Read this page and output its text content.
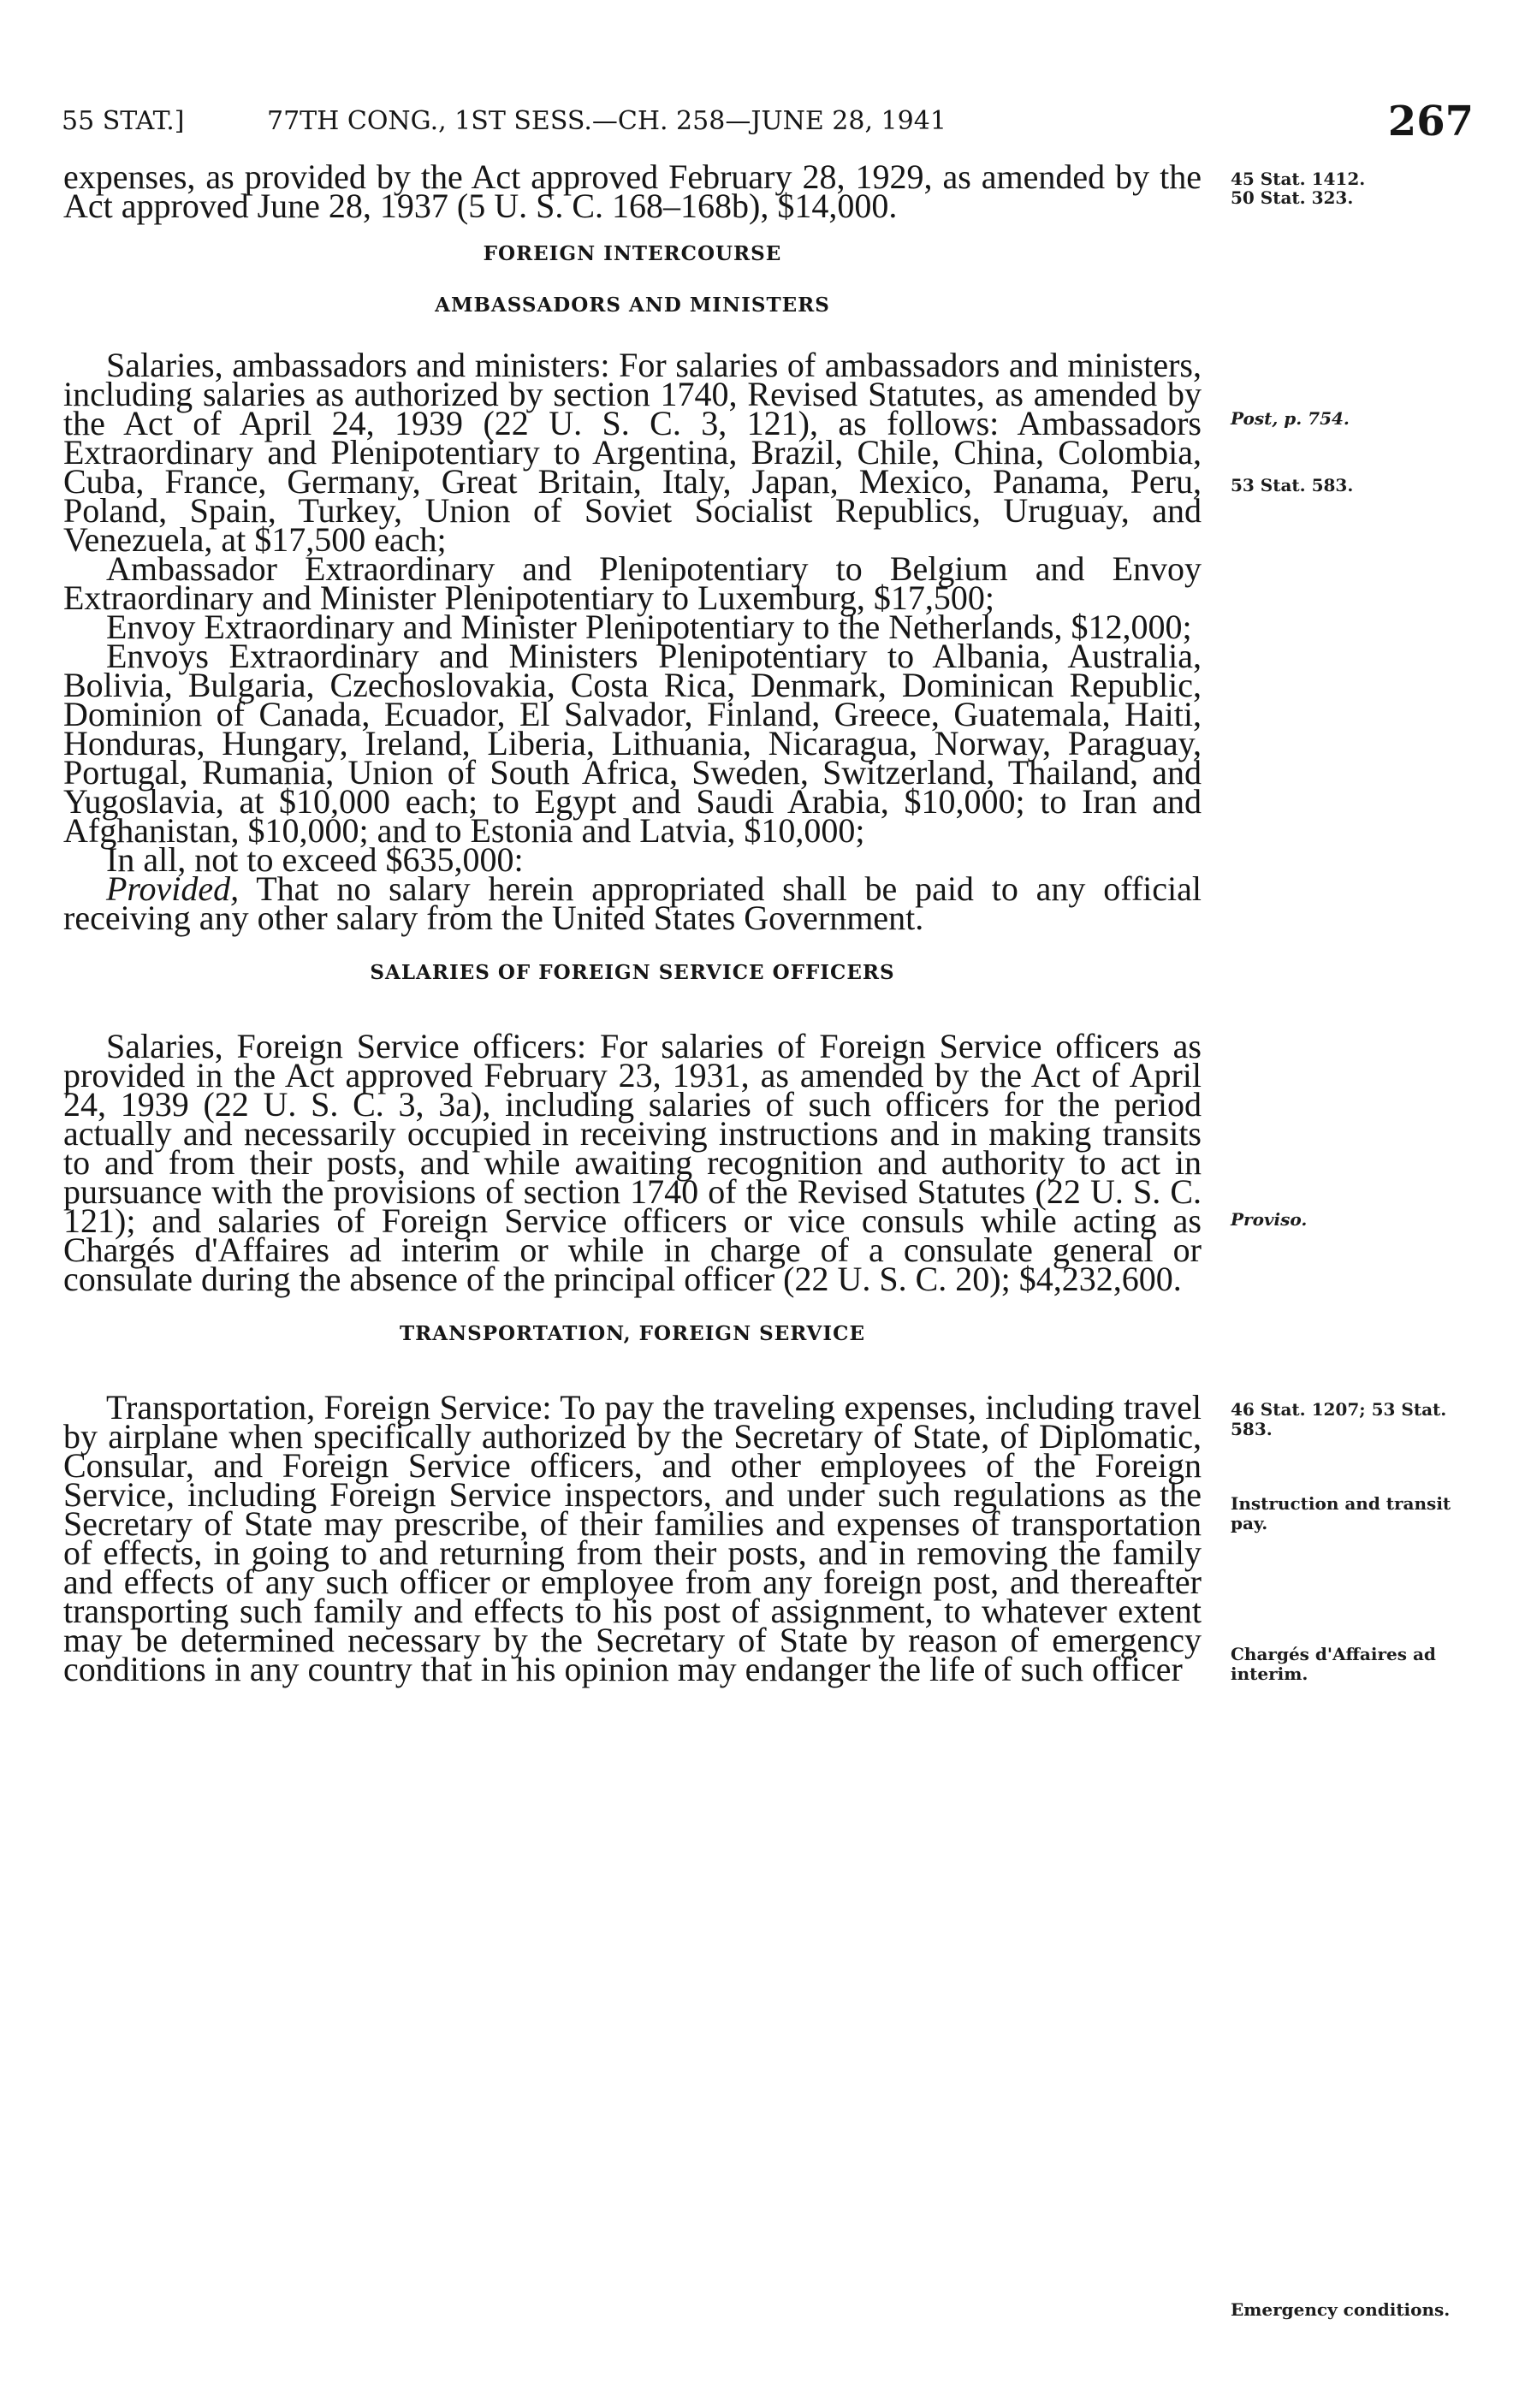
55 STAT.]	77TH CONG., 1ST SESS.—CH. 258—JUNE 28, 1941	267

expenses, as provided by the Act approved February 28, 1929, as amended by the Act approved June 28, 1937 (5 U. S. C. 168–168b), $14,000.

FOREIGN INTERCOURSE
AMBASSADORS AND MINISTERS

Salaries, ambassadors and ministers: For salaries of ambassadors and ministers, including salaries as authorized by section 1740, Revised Statutes, as amended by the Act of April 24, 1939 (22 U. S. C. 3, 121), as follows: Ambassadors Extraordinary and Plenipotentiary to Argentina, Brazil, Chile, China, Colombia, Cuba, France, Germany, Great Britain, Italy, Japan, Mexico, Panama, Peru, Poland, Spain, Turkey, Union of Soviet Socialist Republics, Uruguay, and Venezuela, at $17,500 each;

Ambassador Extraordinary and Plenipotentiary to Belgium and Envoy Extraordinary and Minister Plenipotentiary to Luxemburg, $17,500;

Envoy Extraordinary and Minister Plenipotentiary to the Netherlands, $12,000;

Envoys Extraordinary and Ministers Plenipotentiary to Albania, Australia, Bolivia, Bulgaria, Czechoslovakia, Costa Rica, Denmark, Dominican Republic, Dominion of Canada, Ecuador, El Salvador, Finland, Greece, Guatemala, Haiti, Honduras, Hungary, Ireland, Liberia, Lithuania, Nicaragua, Norway, Paraguay, Portugal, Rumania, Union of South Africa, Sweden, Switzerland, Thailand, and Yugoslavia, at $10,000 each; to Egypt and Saudi Arabia, $10,000; to Iran and Afghanistan, $10,000; and to Estonia and Latvia, $10,000;

In all, not to exceed $635,000:

Provided, That no salary herein appropriated shall be paid to any official receiving any other salary from the United States Government.

SALARIES OF FOREIGN SERVICE OFFICERS

Salaries, Foreign Service officers: For salaries of Foreign Service officers as provided in the Act approved February 23, 1931, as amended by the Act of April 24, 1939 (22 U. S. C. 3, 3a), including salaries of such officers for the period actually and necessarily occupied in receiving instructions and in making transits to and from their posts, and while awaiting recognition and authority to act in pursuance with the provisions of section 1740 of the Revised Statutes (22 U. S. C. 121); and salaries of Foreign Service officers or vice consuls while acting as Chargés d'Affaires ad interim or while in charge of a consulate general or consulate during the absence of the principal officer (22 U. S. C. 20); $4,232,600.

TRANSPORTATION, FOREIGN SERVICE

Transportation, Foreign Service: To pay the traveling expenses, including travel by airplane when specifically authorized by the Secretary of State, of Diplomatic, Consular, and Foreign Service officers, and other employees of the Foreign Service, including Foreign Service inspectors, and under such regulations as the Secretary of State may prescribe, of their families and expenses of transportation of effects, in going to and returning from their posts, and in removing the family and effects of any such officer or employee from any foreign post, and thereafter transporting such family and effects to his post of assignment, to whatever extent may be determined necessary by the Secretary of State by reason of emergency conditions in any country that in his opinion may endanger the life of such officer

45 Stat. 1412.
50 Stat. 323.
Post, p. 754.
53 Stat. 583.
Proviso.
46 Stat. 1207; 53 Stat. 583.
Instruction and transit pay.
Chargés d'Affaires ad interim.
Emergency conditions.
